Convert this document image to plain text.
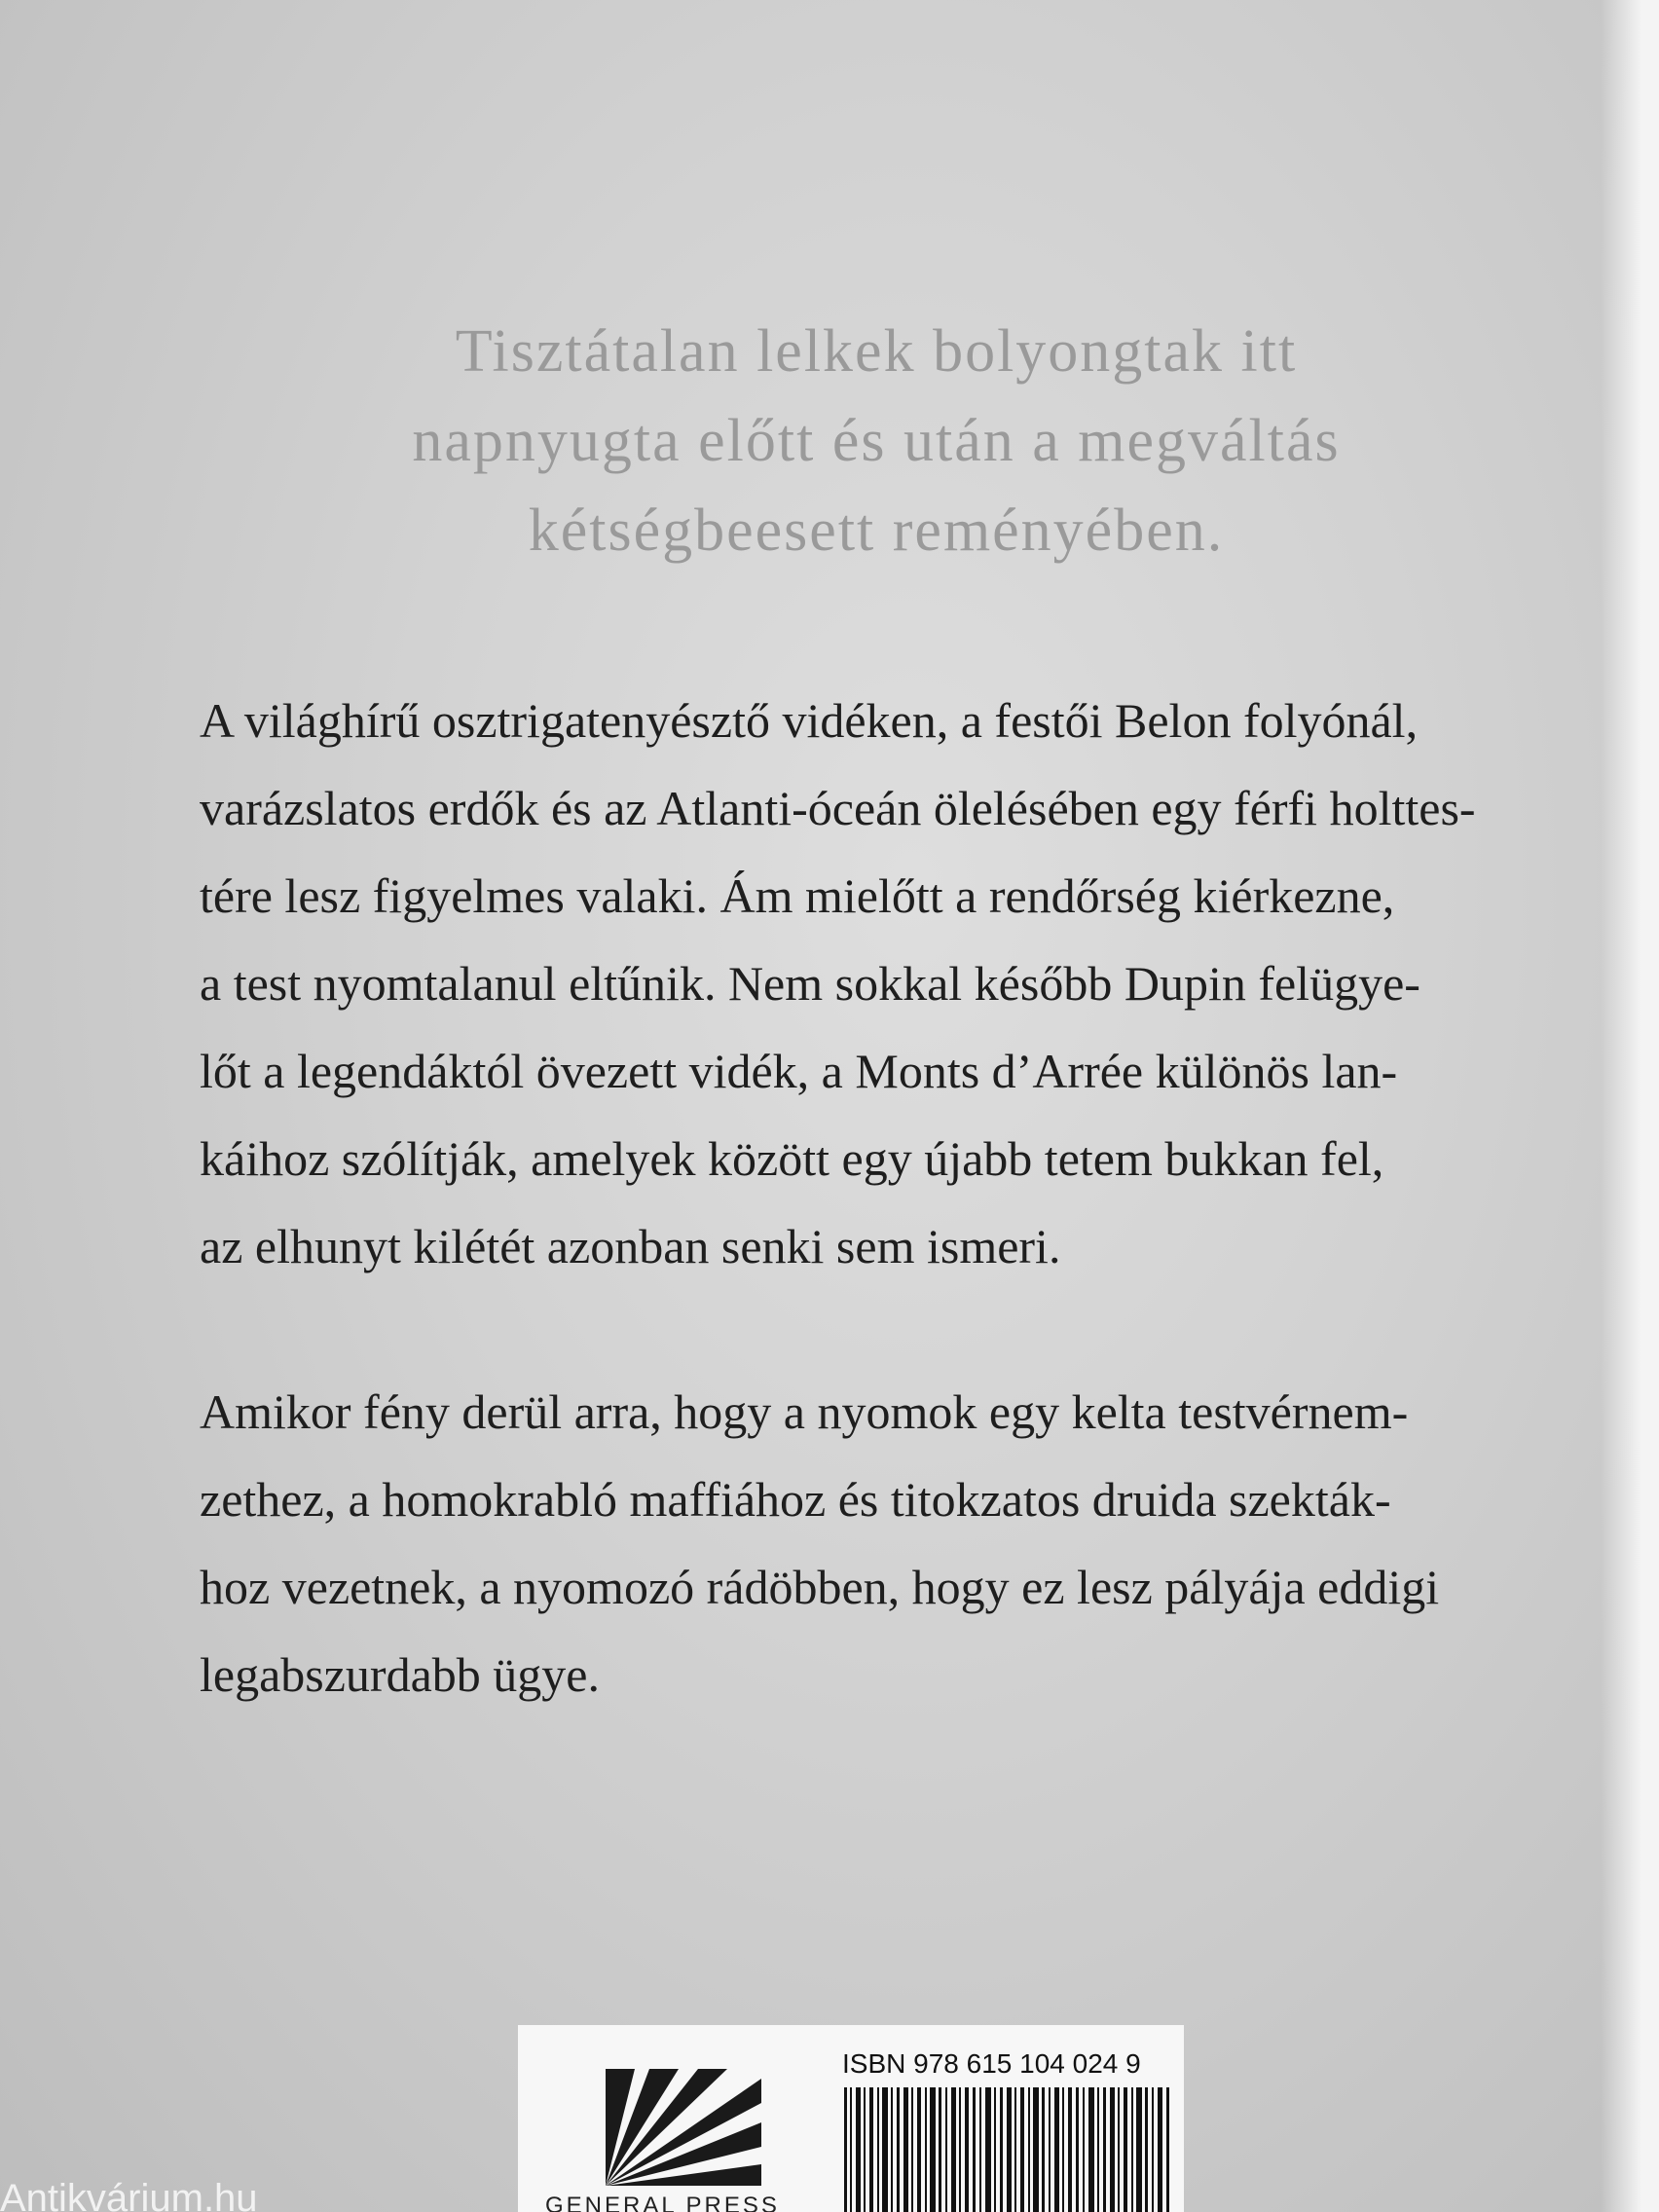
Tisztátalan lelkek bolyongtak itt
napnyugta előtt és után a megváltás
kétségbeesett reményében.
A világhírű osztrigatenyésztő vidéken, a festői Belon folyónál,
varázslatos erdők és az Atlanti-óceán ölelésében egy férfi holttes-
tére lesz figyelmes valaki. Ám mielőtt a rendőrség kiérkezne,
a test nyomtalanul eltűnik. Nem sokkal később Dupin felügye-
lőt a legendáktól övezett vidék, a Monts d’Arrée különös lan-
káihoz szólítják, amelyek között egy újabb tetem bukkan fel,
az elhunyt kilétét azonban senki sem ismeri.
Amikor fény derül arra, hogy a nyomok egy kelta testvérnem-
zethez, a homokrabló maffiához és titokzatos druida szekták-
hoz vezetnek, a nyomozó rádöbben, hogy ez lesz pályája eddigi
legabszurdabb ügye.
GENERAL PRESS
ISBN 978 615 104 024 9
Antikvárium.hu
